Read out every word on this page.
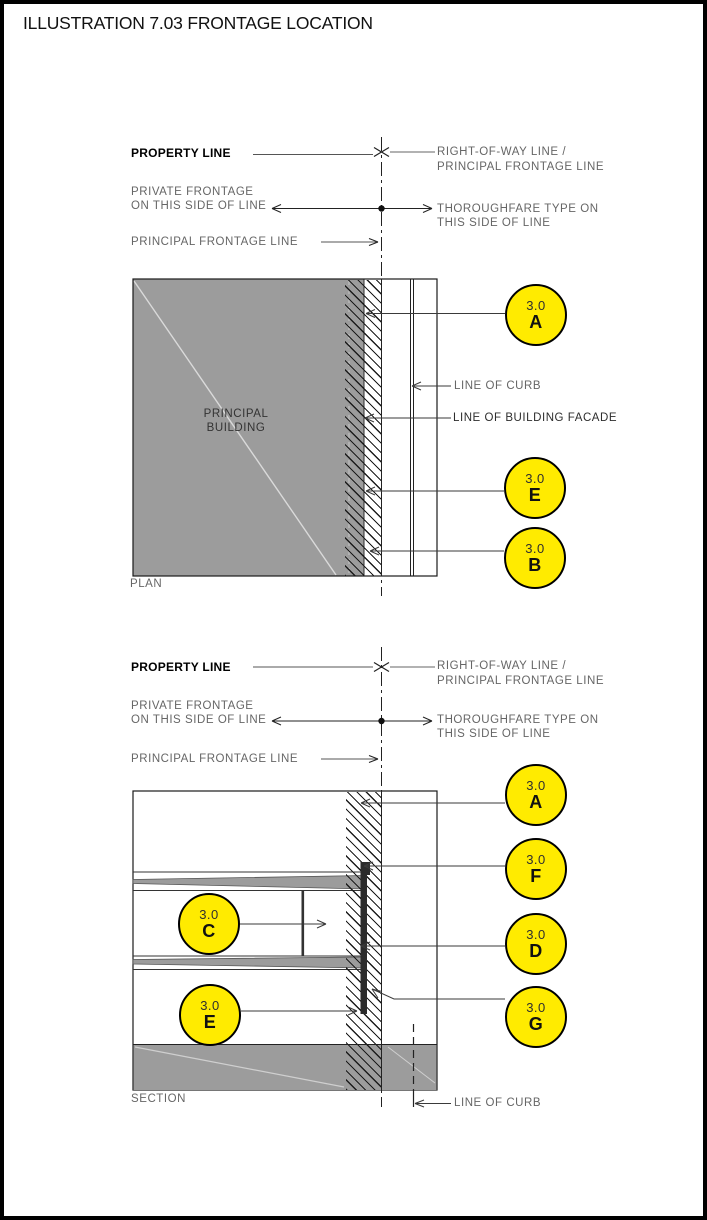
ILLUSTRATION 7.03 FRONTAGE LOCATION
PROPERTY LINE	RIGHT-OF-WAY LINE /
PRINCIPAL FRONTAGE LINE
PRIVATE FRONTAGE
ON THIS SIDE OF LINE	THOROUGHFARE TYPE ON
THIS SIDE OF LINE
PRINCIPAL FRONTAGE LINE
PRINCIPAL
BUILDING
LINE OF CURB
LINE OF BUILDING FACADE
PLAN
PROPERTY LINE	RIGHT-OF-WAY LINE /
PRINCIPAL FRONTAGE LINE
PRIVATE FRONTAGE
ON THIS SIDE OF LINE	THOROUGHFARE TYPE ON
THIS SIDE OF LINE
PRINCIPAL FRONTAGE LINE
SECTION	LINE OF CURB
3.0
A
3.0
E
3.0
B
3.0
A
3.0
F
3.0
C	3.0
D
3.0
E
3.0
G
